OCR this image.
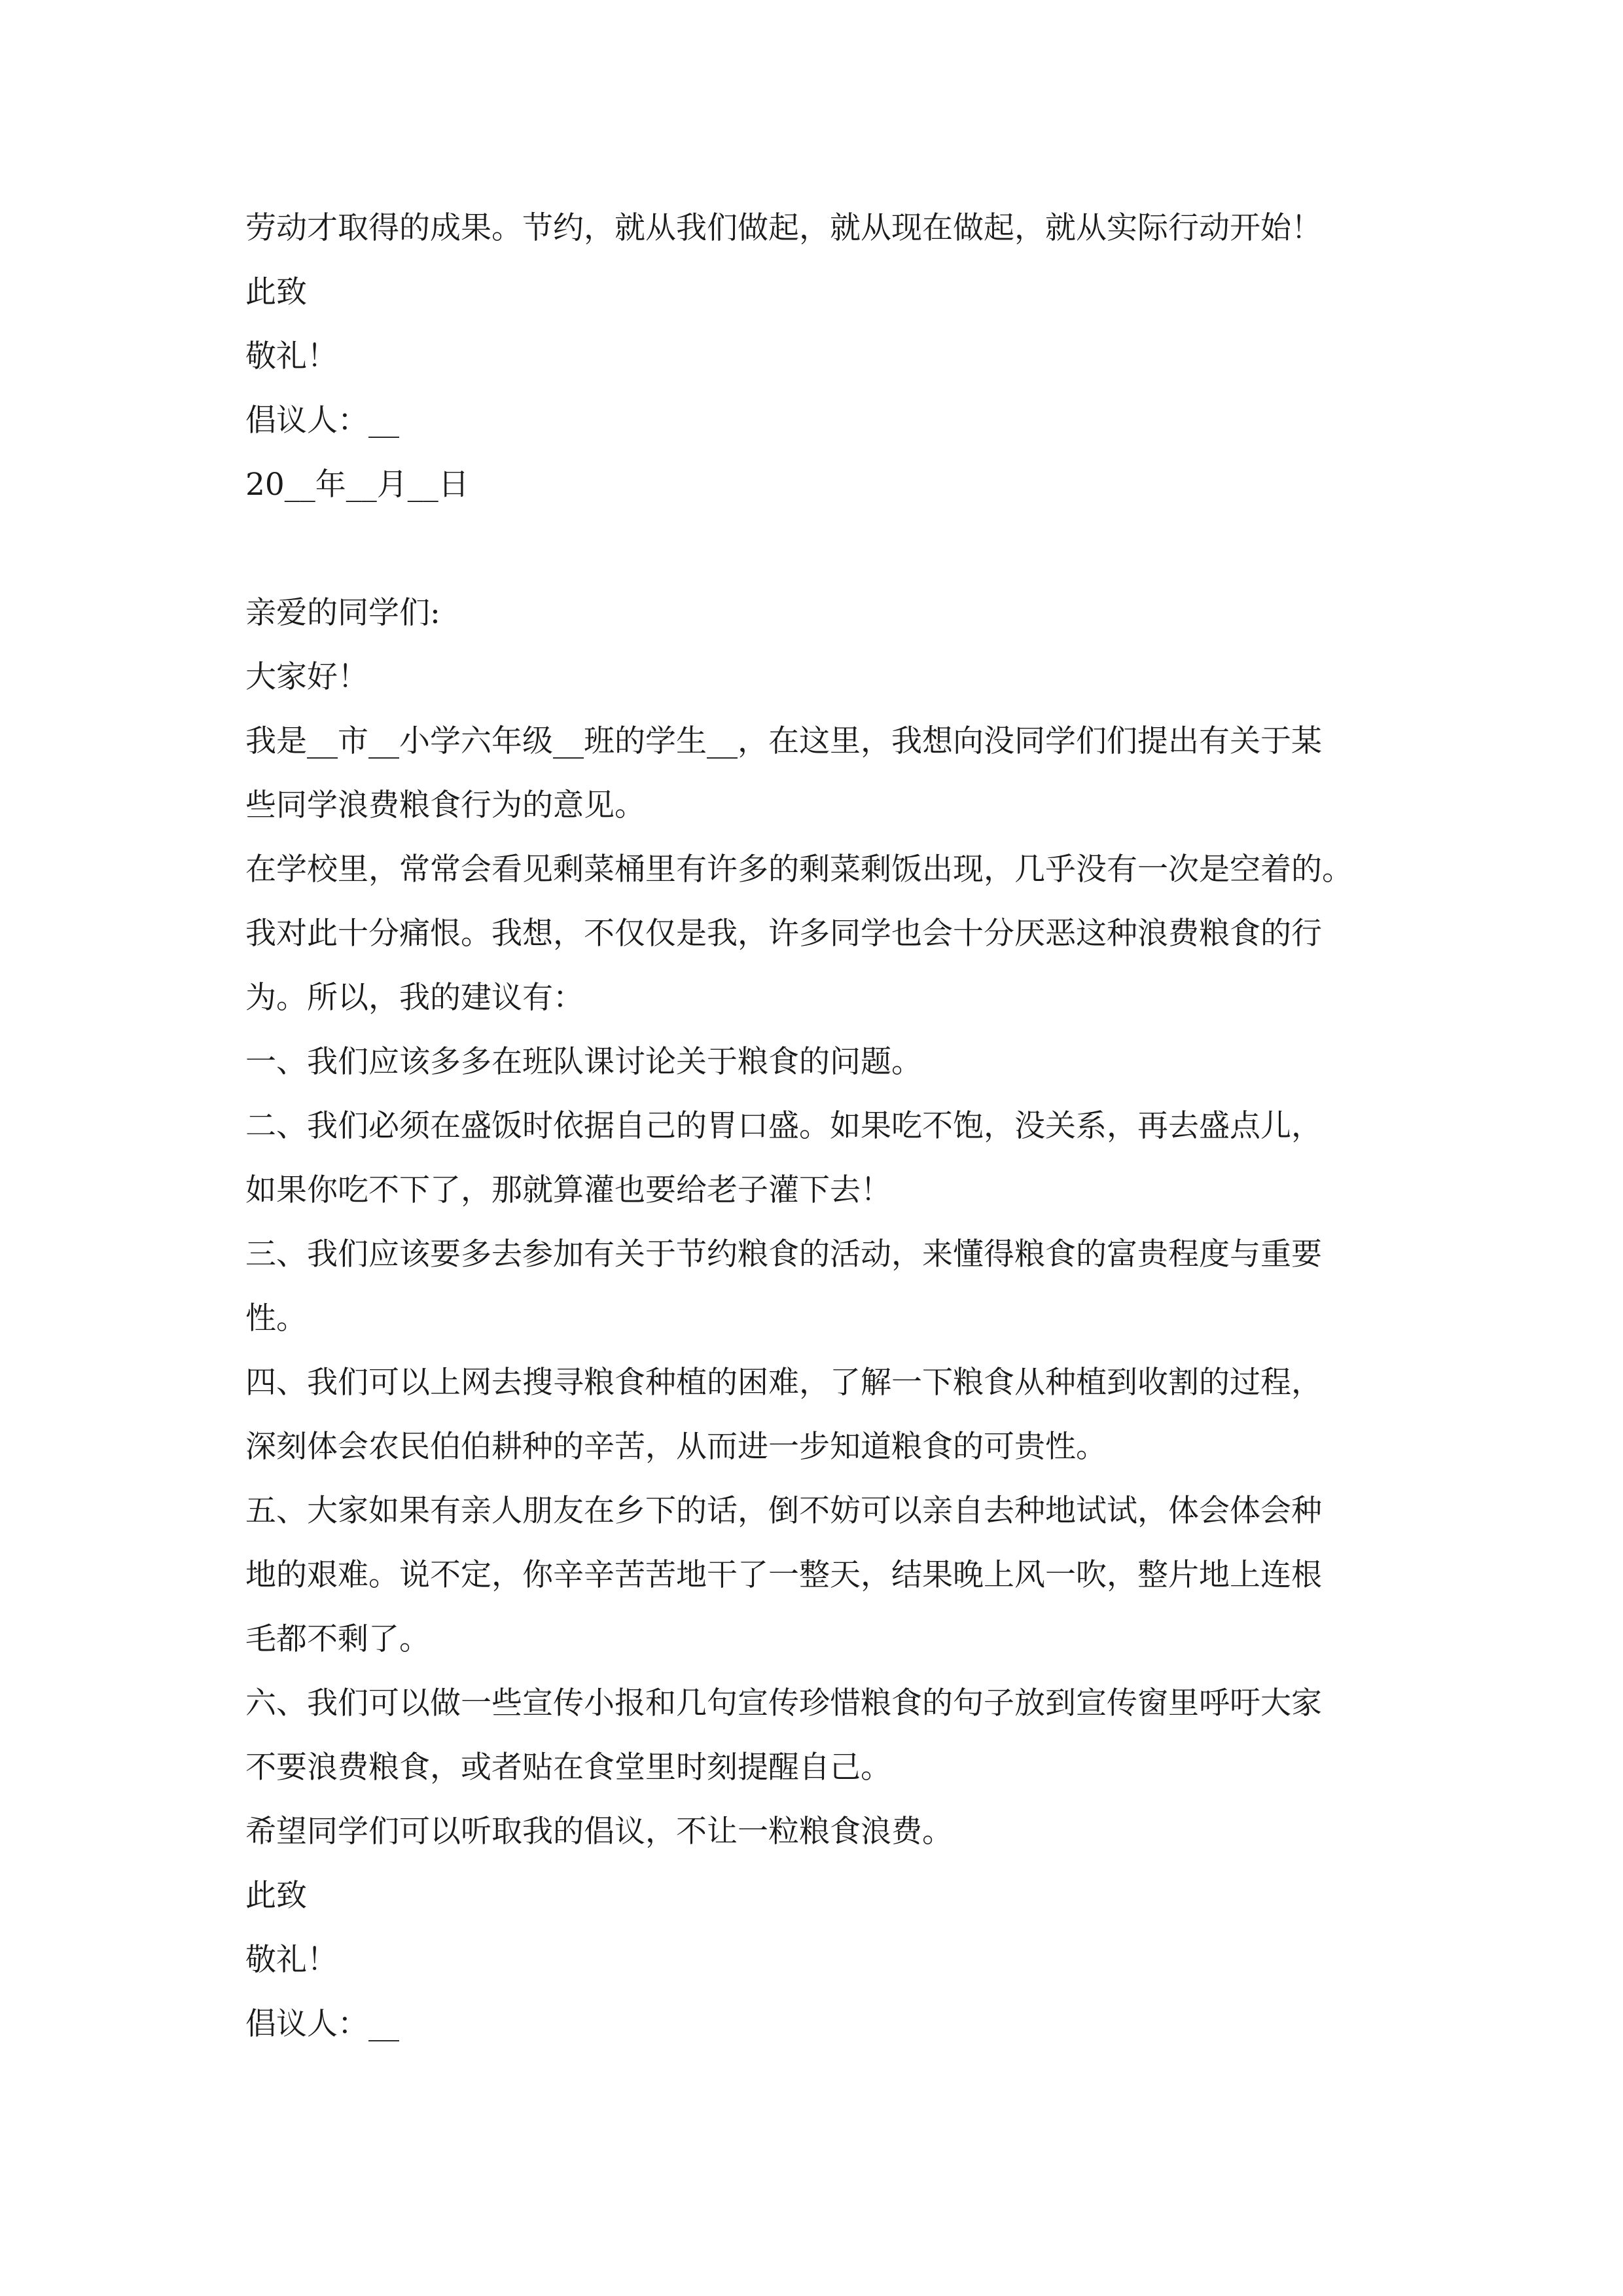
劳动才取得的成果。节约，就从我们做起，就从现在做起，就从实际行动开始！
此致
敬礼！
倡议人：__
20__年__月__日
亲爱的同学们:
大家好！
我是__市__小学六年级__班的学生__，在这里，我想向没同学们们提出有关于某
些同学浪费粮食行为的意见。
在学校里，常常会看见剩菜桶里有许多的剩菜剩饭出现，几乎没有一次是空着的。
我对此十分痛恨。我想，不仅仅是我，许多同学也会十分厌恶这种浪费粮食的行
为。所以，我的建议有：
一、我们应该多多在班队课讨论关于粮食的问题。
二、我们必须在盛饭时依据自己的胃口盛。如果吃不饱，没关系，再去盛点儿，
如果你吃不下了，那就算灌也要给老子灌下去！
三、我们应该要多去参加有关于节约粮食的活动，来懂得粮食的富贵程度与重要
性。
四、我们可以上网去搜寻粮食种植的困难，了解一下粮食从种植到收割的过程，
深刻体会农民伯伯耕种的辛苦，从而进一步知道粮食的可贵性。
五、大家如果有亲人朋友在乡下的话，倒不妨可以亲自去种地试试，体会体会种
地的艰难。说不定，你辛辛苦苦地干了一整天，结果晚上风一吹，整片地上连根
毛都不剩了。
六、我们可以做一些宣传小报和几句宣传珍惜粮食的句子放到宣传窗里呼吁大家
不要浪费粮食，或者贴在食堂里时刻提醒自己。
希望同学们可以听取我的倡议，不让一粒粮食浪费。
此致
敬礼！
倡议人：__
